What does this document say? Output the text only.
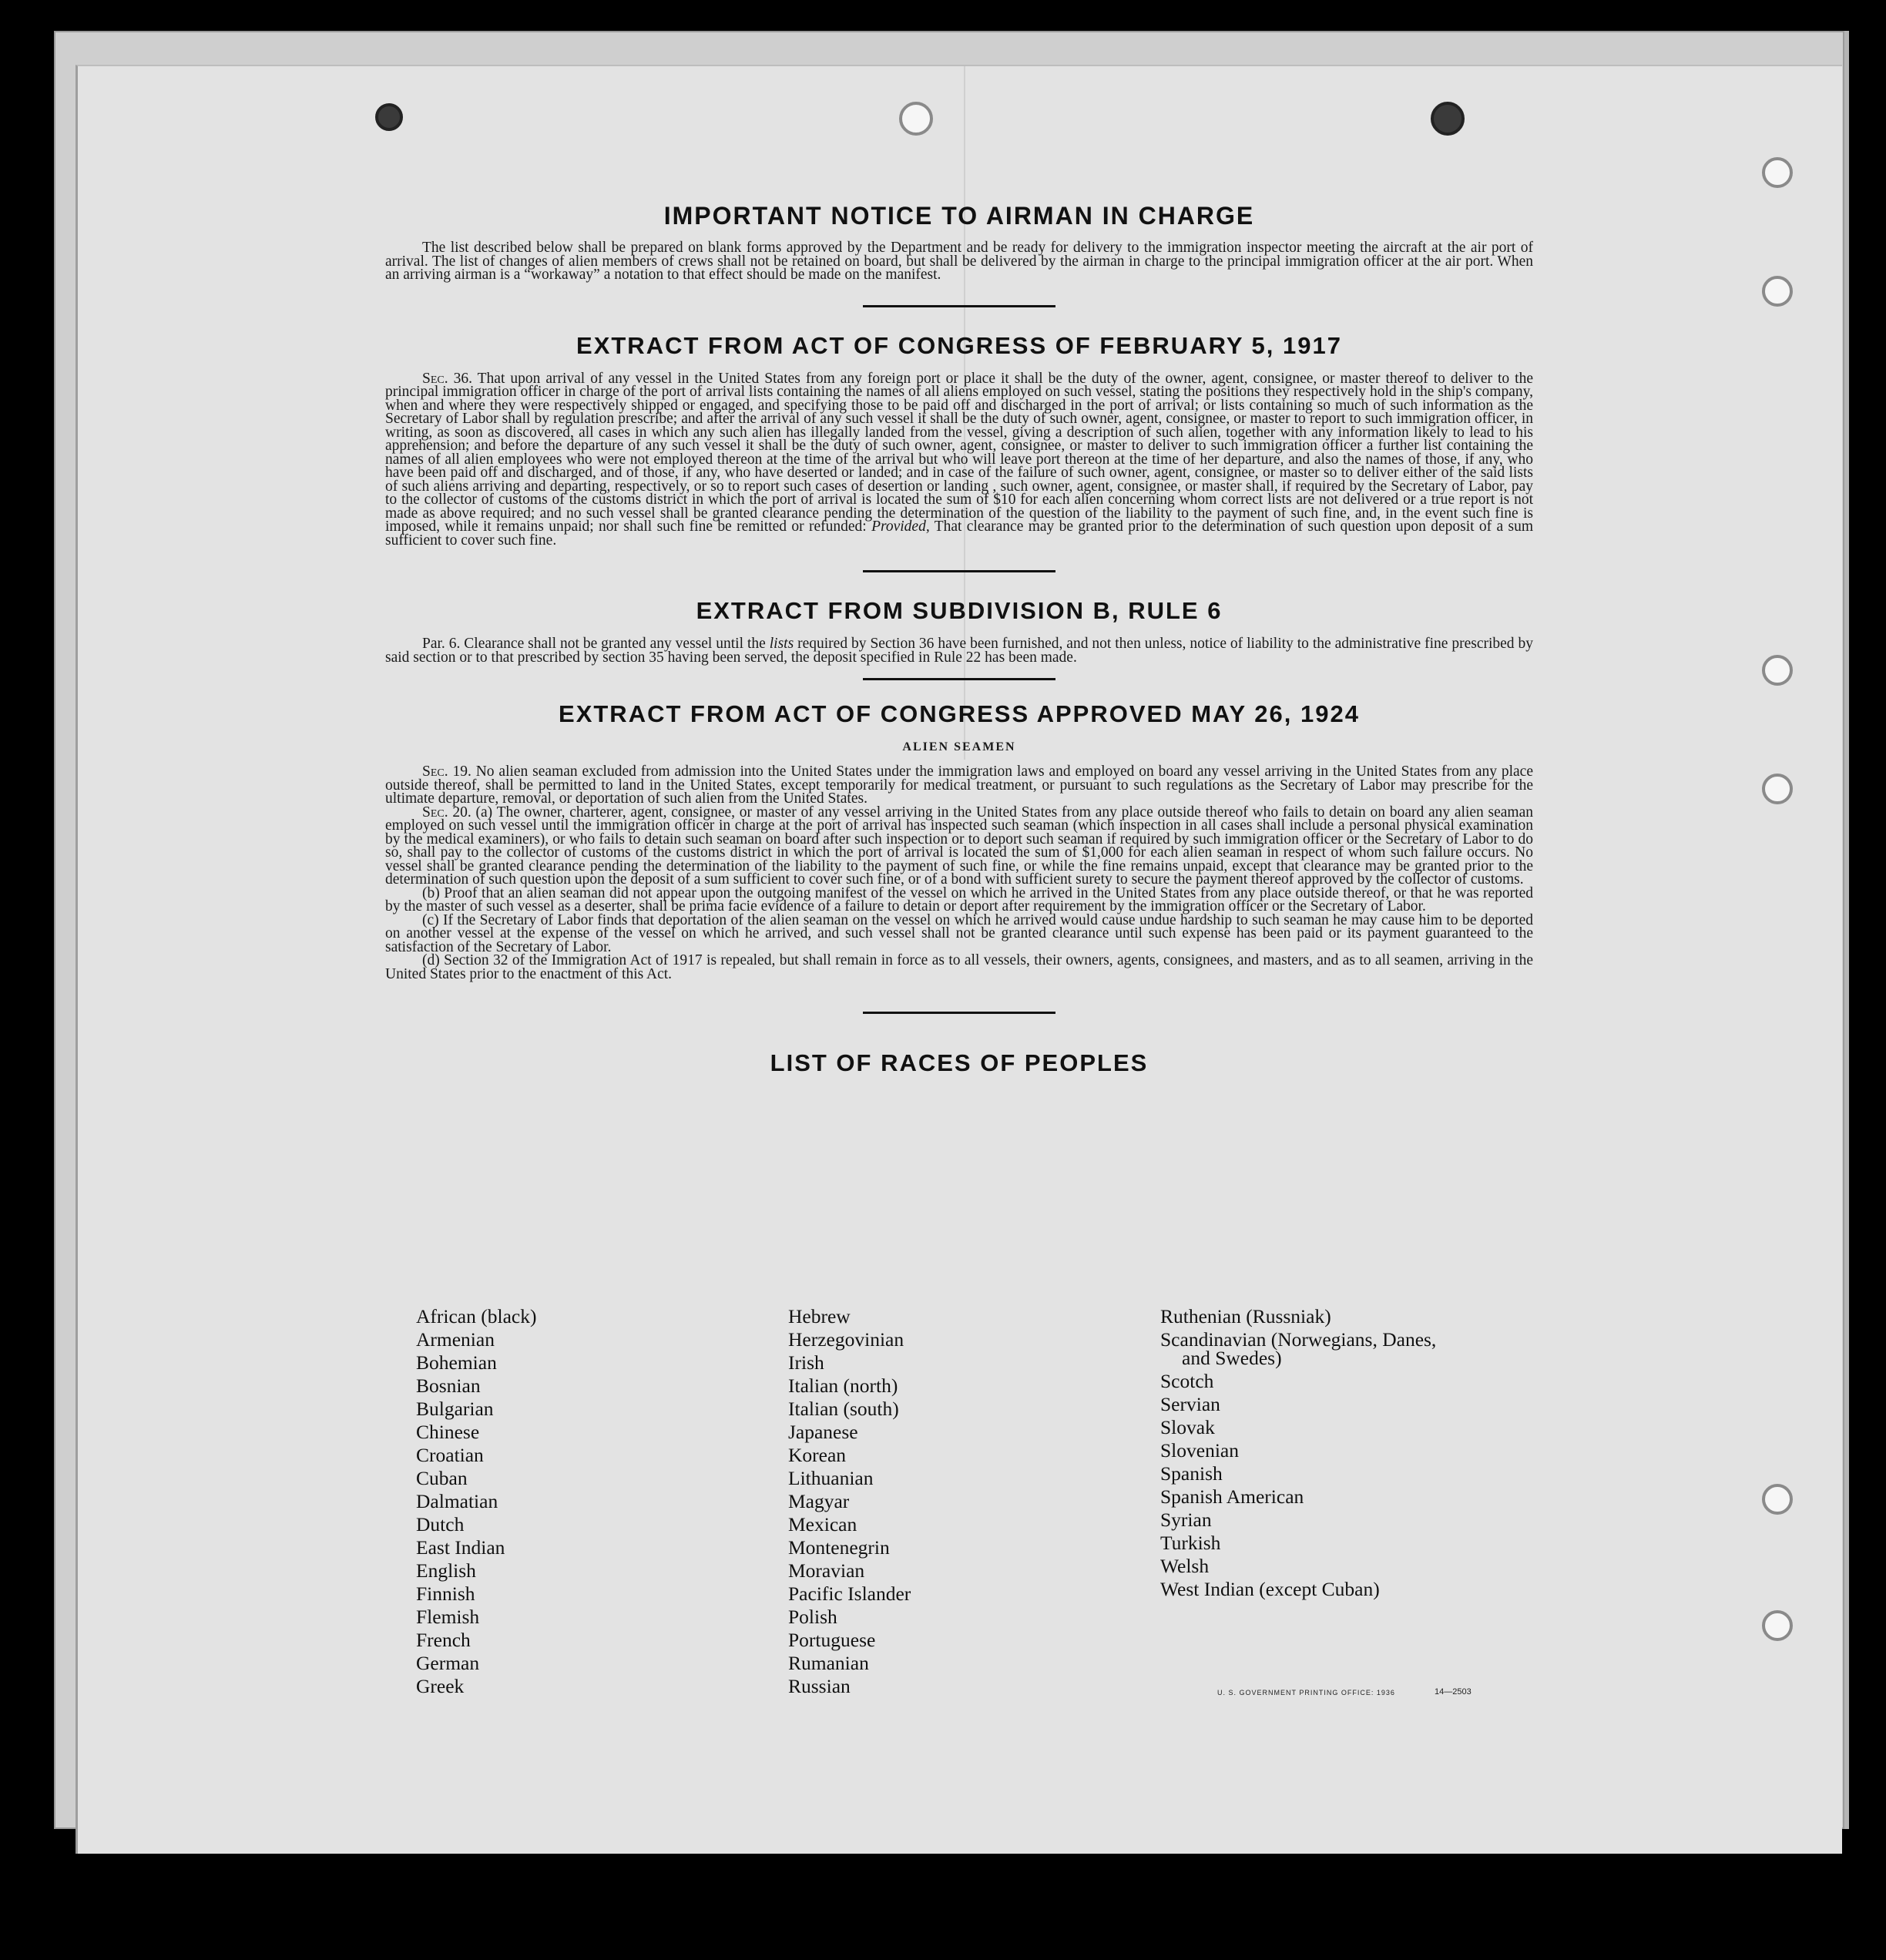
IMPORTANT NOTICE TO AIRMAN IN CHARGE

The list described below shall be prepared on blank forms approved by the Department and be ready for delivery to the immigration inspector meeting the aircraft at the air port of arrival. The list of changes of alien members of crews shall not be retained on board, but shall be delivered by the airman in charge to the principal immigration officer at the air port. When an arriving airman is a “workaway” a notation to that effect should be made on the manifest.

EXTRACT FROM ACT OF CONGRESS OF FEBRUARY 5, 1917

Sec. 36. That upon arrival of any vessel in the United States from any foreign port or place it shall be the duty of the owner, agent, consignee, or master thereof to deliver to the principal immigration officer in charge of the port of arrival lists containing the names of all aliens employed on such vessel, stating the positions they respectively hold in the ship's company, when and where they were respectively shipped or engaged, and specifying those to be paid off and discharged in the port of arrival; or lists containing so much of such information as the Secretary of Labor shall by regulation prescribe; and after the arrival of any such vessel it shall be the duty of such owner, agent, consignee, or master to report to such immigration officer, in writing, as soon as discovered, all cases in which any such alien has illegally landed from the vessel, giving a description of such alien, together with any information likely to lead to his apprehension; and before the departure of any such vessel it shall be the duty of such owner, agent, consignee, or master to deliver to such immigration officer a further list containing the names of all alien employees who were not employed thereon at the time of the arrival but who will leave port thereon at the time of her departure, and also the names of those, if any, who have been paid off and discharged, and of those, if any, who have deserted or landed; and in case of the failure of such owner, agent, consignee, or master so to deliver either of the said lists of such aliens arriving and departing, respectively, or so to report such cases of desertion or landing , such owner, agent, consignee, or master shall, if required by the Secretary of Labor, pay to the collector of customs of the customs district in which the port of arrival is located the sum of $10 for each alien concerning whom correct lists are not delivered or a true report is not made as above required; and no such vessel shall be granted clearance pending the determination of the question of the liability to the payment of such fine, and, in the event such fine is imposed, while it remains unpaid; nor shall such fine be remitted or refunded: Provided, That clearance may be granted prior to the determination of such question upon deposit of a sum sufficient to cover such fine.

EXTRACT FROM SUBDIVISION B, RULE 6

Par. 6. Clearance shall not be granted any vessel until the lists required by Section 36 have been furnished, and not then unless, notice of liability to the administrative fine prescribed by said section or to that prescribed by section 35 having been served, the deposit specified in Rule 22 has been made.

EXTRACT FROM ACT OF CONGRESS APPROVED MAY 26, 1924
ALIEN SEAMEN

Sec. 19. No alien seaman excluded from admission into the United States under the immigration laws and employed on board any vessel arriving in the United States from any place outside thereof, shall be permitted to land in the United States, except temporarily for medical treatment, or pursuant to such regulations as the Secretary of Labor may prescribe for the ultimate departure, removal, or deportation of such alien from the United States.

Sec. 20. (a) The owner, charterer, agent, consignee, or master of any vessel arriving in the United States from any place outside thereof who fails to detain on board any alien seaman employed on such vessel until the immigration officer in charge at the port of arrival has inspected such seaman (which inspection in all cases shall include a personal physical examination by the medical examiners), or who fails to detain such seaman on board after such inspection or to deport such seaman if required by such immigration officer or the Secretary of Labor to do so, shall pay to the collector of customs of the customs district in which the port of arrival is located the sum of $1,000 for each alien seaman in respect of whom such failure occurs. No vessel shall be granted clearance pending the determination of the liability to the payment of such fine, or while the fine remains unpaid, except that clearance may be granted prior to the determination of such question upon the deposit of a sum sufficient to cover such fine, or of a bond with sufficient surety to secure the payment thereof approved by the collector of customs.

(b) Proof that an alien seaman did not appear upon the outgoing manifest of the vessel on which he arrived in the United States from any place outside thereof, or that he was reported by the master of such vessel as a deserter, shall be prima facie evidence of a failure to detain or deport after requirement by the immigration officer or the Secretary of Labor.

(c) If the Secretary of Labor finds that deportation of the alien seaman on the vessel on which he arrived would cause undue hardship to such seaman he may cause him to be deported on another vessel at the expense of the vessel on which he arrived, and such vessel shall not be granted clearance until such expense has been paid or its payment guaranteed to the satisfaction of the Secretary of Labor.

(d) Section 32 of the Immigration Act of 1917 is repealed, but shall remain in force as to all vessels, their owners, agents, consignees, and masters, and as to all seamen, arriving in the United States prior to the enactment of this Act.

LIST OF RACES OF PEOPLES
African (black)
Armenian
Bohemian
Bosnian
Bulgarian
Chinese
Croatian
Cuban
Dalmatian
Dutch
East Indian
English
Finnish
Flemish
French
German
Greek
Hebrew
Herzegovinian
Irish
Italian (north)
Italian (south)
Japanese
Korean
Lithuanian
Magyar
Mexican
Montenegrin
Moravian
Pacific Islander
Polish
Portuguese
Rumanian
Russian
Ruthenian (Russniak)
Scandinavian (Norwegians, Danes,
and Swedes)
Scotch
Servian
Slovak
Slovenian
Spanish
Spanish American
Syrian
Turkish
Welsh
West Indian (except Cuban)
U. S. GOVERNMENT PRINTING OFFICE: 1936	14—2503
